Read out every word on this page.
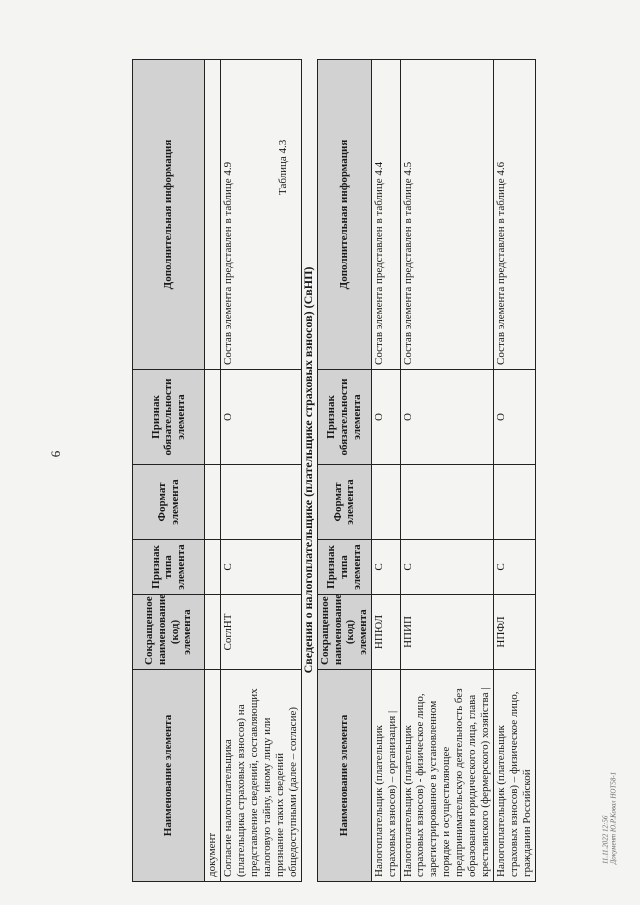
6
11.11.2022 12:56 Документ Ю.Р.Ковал НОТ58-1
Наименование элемента	Сокращенное наименование (код) элемента	Признак типа элемента	Формат элемента	Признак обязательности элемента	Дополнительная информация
документ					
Согласие налогоплательщика (плательщика страховых взносов) на представление сведений, составляющих налоговую тайну, иному лицу или признание таких сведений общедоступными (далее – согласие)	СоглНТ	С		О	Состав элемента представлен в таблице 4.9	Таблица 4.3
Сведения о налогоплательщике (плательщике страховых взносов) (СвНП)
Наименование элемента	Сокращенное наименование (код) элемента	Признак типа элемента	Формат элемента	Признак обязательности элемента	Дополнительная информация
Налогоплательщик (плательщик страховых взносов) – организация |	НПЮЛ	С		О	Состав элемента представлен в таблице 4.4
Налогоплательщик (плательщик страховых взносов) - физическое лицо, зарегистрированное в установленном порядке и осуществляющее предпринимательскую деятельность без образования юридического лица, глава крестьянского (фермерского) хозяйства |	НПИП	С		О	Состав элемента представлен в таблице 4.5
Налогоплательщик (плательщик страховых взносов) – физическое лицо, гражданин Российской	НПФЛ	С		О	Состав элемента представлен в таблице 4.6
